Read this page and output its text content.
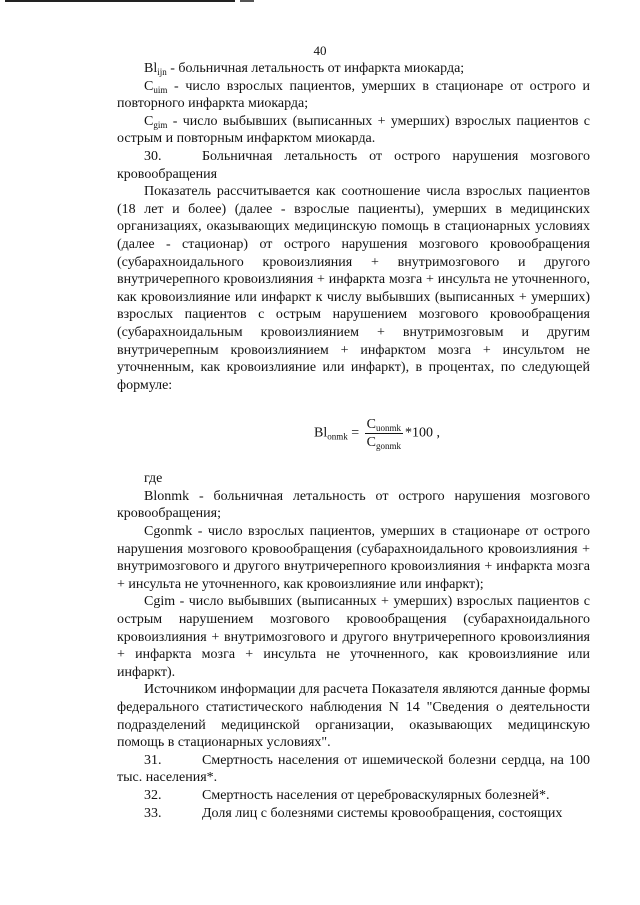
40

$Bl_{ijn}$ - больничная летальность от инфаркта миокарда;

$C_{uim}$ - число взрослых пациентов, умерших в стационаре от острого и повторного инфаркта миокарда;

$C_{gim}$ - число выбывших (выписанных + умерших) взрослых пациентов с острым и повторным инфарктом миокарда.

30.	Больничная летальность от острого нарушения мозгового кровообращения

Показатель рассчитывается как соотношение числа взрослых пациентов (18 лет и более) (далее - взрослые пациенты), умерших в медицинских организациях, оказывающих медицинскую помощь в стационарных условиях (далее - стационар) от острого нарушения мозгового кровообращения (субарахноидального кровоизлияния + внутримозгового и другого внутричерепного кровоизлияния + инфаркта мозга + инсульта не уточненного, как кровоизлияние или инфаркт к числу выбывших (выписанных + умерших) взрослых пациентов с острым нарушением мозгового кровообращения (субарахноидальным кровоизлиянием + внутримозговым и другим внутричерепным кровоизлиянием + инфарктом мозга + инсультом не уточненным, как кровоизлияние или инфаркт), в процентах, по следующей формуле:

$Bl_{onmk} = \frac{C_{uonmk}}{C_{gonmk}} *100$ ,

где

Blonmk - больничная летальность от острого нарушения мозгового кровообращения;

Cgonmk - число взрослых пациентов, умерших в стационаре от острого нарушения мозгового кровообращения (субарахноидального кровоизлияния + внутримозгового и другого внутричерепного кровоизлияния + инфаркта мозга + инсульта не уточненного, как кровоизлияние или инфаркт);

Cgim - число выбывших (выписанных + умерших) взрослых пациентов с острым нарушением мозгового кровообращения (субарахноидального кровоизлияния + внутримозгового и другого внутричерепного кровоизлияния + инфаркта мозга + инсульта не уточненного, как кровоизлияние или инфаркт).

Источником информации для расчета Показателя являются данные формы федерального статистического наблюдения N 14 "Сведения о деятельности подразделений медицинской организации, оказывающих медицинскую помощь в стационарных условиях".

31.	Смертность населения от ишемической болезни сердца, на 100 тыс. населения*.

32.	Смертность населения от цереброваскулярных болезней*.

33.	Доля лиц с болезнями системы кровообращения, состоящих
